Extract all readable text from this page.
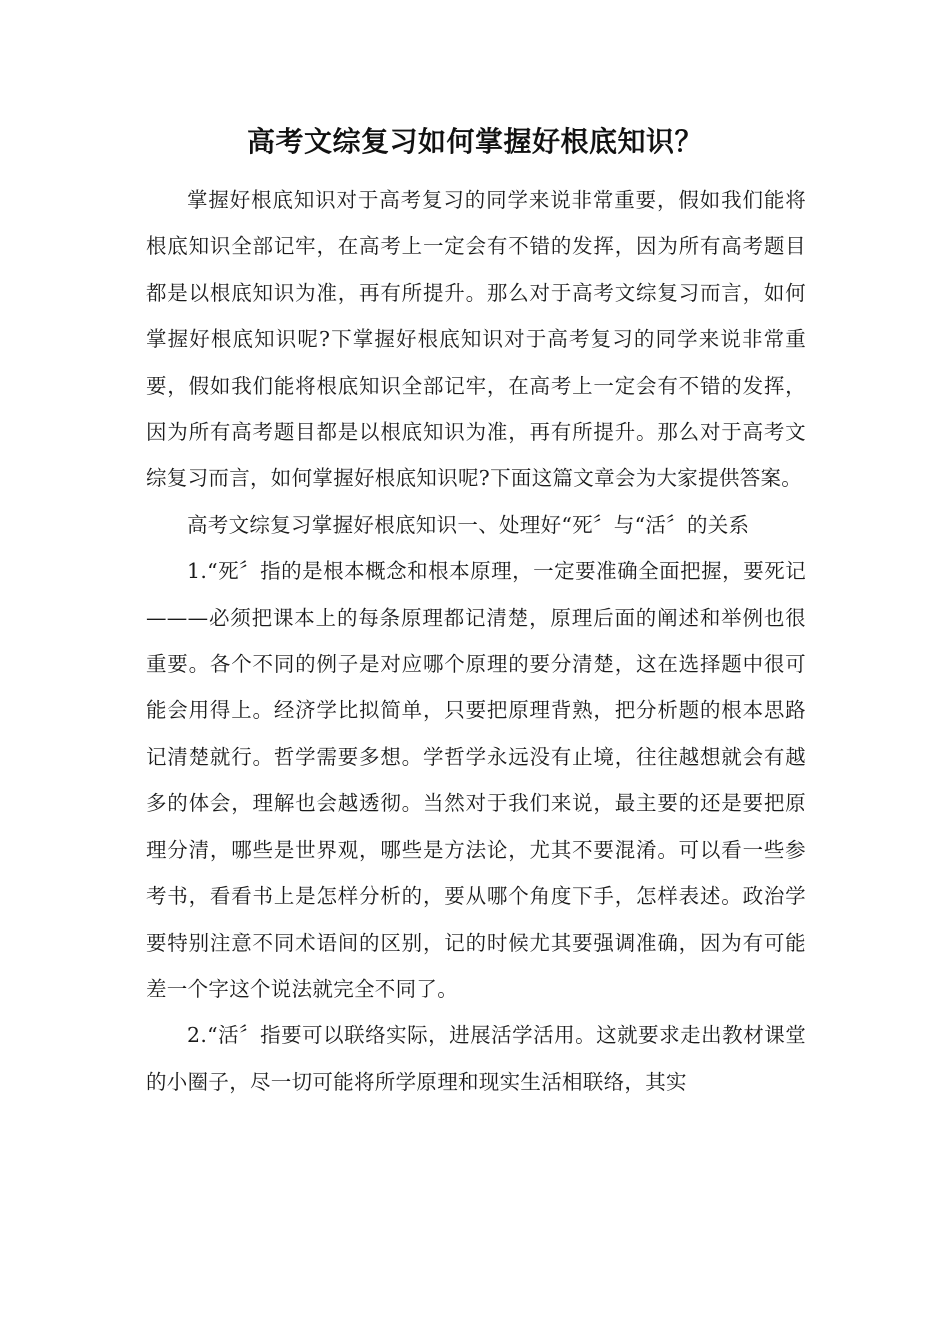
高考文综复习如何掌握好根底知识？

掌握好根底知识对于高考复习的同学来说非常重要，假如我们能将根底知识全部记牢，在高考上一定会有不错的发挥，因为所有高考题目都是以根底知识为准，再有所提升。那么对于高考文综复习而言，如何掌握好根底知识呢?下掌握好根底知识对于高考复习的同学来说非常重要，假如我们能将根底知识全部记牢，在高考上一定会有不错的发挥，因为所有高考题目都是以根底知识为准，再有所提升。那么对于高考文综复习而言，如何掌握好根底知识呢?下面这篇文章会为大家提供答案。

高考文综复习掌握好根底知识一、处理好“死〞与“活〞的关系

1.“死〞指的是根本概念和根本原理，一定要准确全面把握，要死记———必须把课本上的每条原理都记清楚，原理后面的阐述和举例也很重要。各个不同的例子是对应哪个原理的要分清楚，这在选择题中很可能会用得上。经济学比拟简单，只要把原理背熟，把分析题的根本思路记清楚就行。哲学需要多想。学哲学永远没有止境，往往越想就会有越多的体会，理解也会越透彻。当然对于我们来说，最主要的还是要把原理分清，哪些是世界观，哪些是方法论，尤其不要混淆。可以看一些参考书，看看书上是怎样分析的，要从哪个角度下手，怎样表述。政治学要特别注意不同术语间的区别，记的时候尤其要强调准确，因为有可能差一个字这个说法就完全不同了。

2.“活〞指要可以联络实际，进展活学活用。这就要求走出教材课堂的小圈子，尽一切可能将所学原理和现实生活相联络，其实
